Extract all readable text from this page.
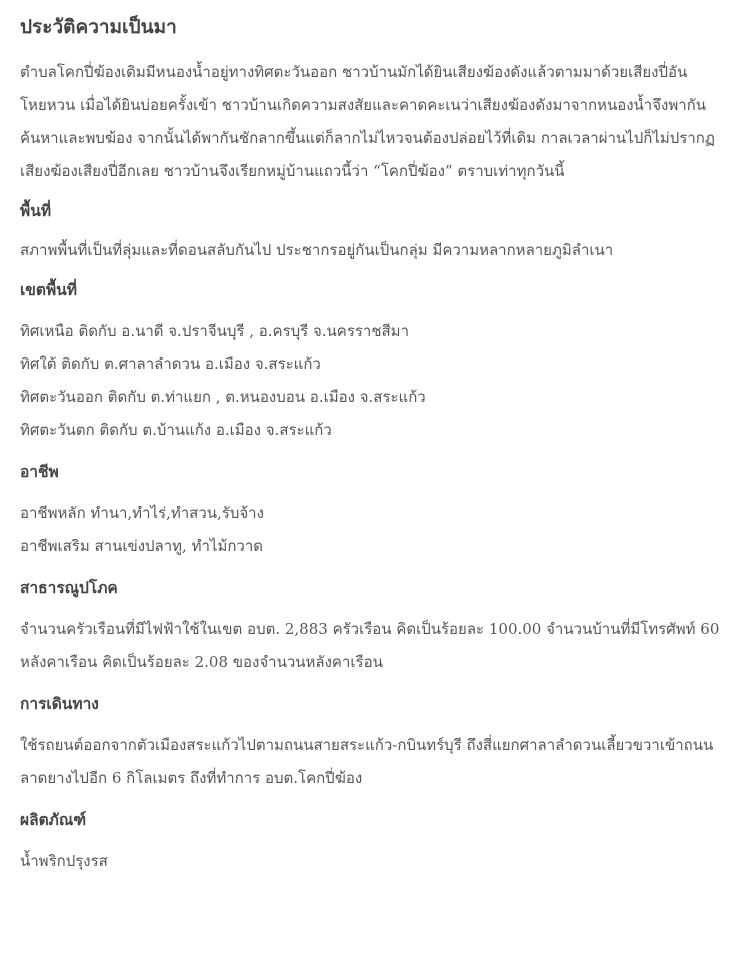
ประวัติความเป็นมา

ตำบลโคกปี่ฆ้องเดิมมีหนองน้ำอยู่ทางทิศตะวันออก ชาวบ้านมักได้ยินเสียงฆ้องดังแล้วตามมาด้วยเสียงปี่อันโหยหวน เมื่อได้ยินบ่อยครั้งเข้า ชาวบ้านเกิดความสงสัยและคาดคะเนว่าเสียงฆ้องดังมาจากหนองน้ำจึงพากันค้นหาและพบฆ้อง จากนั้นได้พากันชักลากขึ้นแต่ก็ลากไม่ไหวจนต้องปล่อยไว้ที่เดิม กาลเวลาผ่านไปก็ไม่ปรากฏเสียงฆ้องเสียงปี่อีกเลย ชาวบ้านจึงเรียกหมู่บ้านแถวนี้ว่า “โคกปี่ฆ้อง” ตราบเท่าทุกวันนี้

พื้นที่

สภาพพื้นที่เป็นที่ลุ่มและที่ดอนสลับกันไป ประชากรอยู่กันเป็นกลุ่ม มีความหลากหลายภูมิลำเนา

เขตพื้นที่
ทิศเหนือ ติดกับ อ.นาดี จ.ปราจีนบุรี , อ.ครบุรี จ.นครราชสีมา
ทิศใต้ ติดกับ ต.ศาลาลำดวน อ.เมือง จ.สระแก้ว
ทิศตะวันออก ติดกับ ต.ท่าแยก , ต.หนองบอน อ.เมือง จ.สระแก้ว
ทิศตะวันตก ติดกับ ต.บ้านแก้ง อ.เมือง จ.สระแก้ว
อาชีพ
อาชีพหลัก ทำนา,ทำไร่,ทำสวน,รับจ้าง
อาชีพเสริม สานเข่งปลาทู, ทำไม้กวาด
สาธารณูปโภค

จำนวนครัวเรือนที่มีไฟฟ้าใช้ในเขต อบต. 2,883 ครัวเรือน คิดเป็นร้อยละ 100.00 จำนวนบ้านที่มีโทรศัพท์ 60 หลังคาเรือน คิดเป็นร้อยละ 2.08 ของจำนวนหลังคาเรือน

การเดินทาง

ใช้รถยนต์ออกจากตัวเมืองสระแก้วไปตามถนนสายสระแก้ว-กบินทร์บุรี ถึงสี่แยกศาลาลำดวนเลี้ยวขวาเข้าถนนลาดยางไปอีก 6 กิโลเมตร ถึงที่ทำการ อบต.โคกปี่ฆ้อง

ผลิตภัณฑ์

น้ำพริกปรุงรส
